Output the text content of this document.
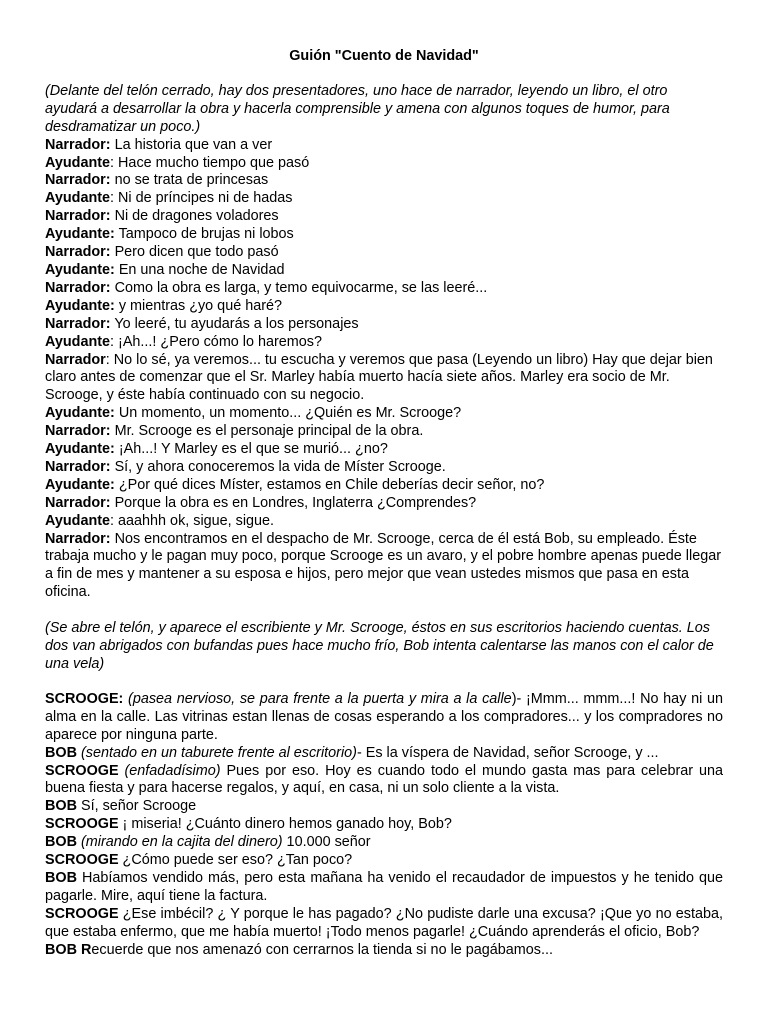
Guión "Cuento de Navidad"

(Delante del telón cerrado, hay dos presentadores, uno hace de narrador, leyendo un libro, el otro ayudará a desarrollar la obra y hacerla comprensible y amena con algunos toques de humor, para desdramatizar un poco.)

Narrador: La historia que van a ver

Ayudante: Hace mucho tiempo que pasó

Narrador: no se trata de princesas

Ayudante: Ni de príncipes ni de hadas

Narrador: Ni de dragones voladores

Ayudante: Tampoco de brujas ni lobos

Narrador: Pero dicen que todo pasó

Ayudante: En una noche de Navidad

Narrador: Como la obra es larga, y temo equivocarme, se las leeré...

Ayudante: y mientras ¿yo qué haré?

Narrador: Yo leeré, tu ayudarás a los personajes

Ayudante: ¡Ah...! ¿Pero cómo lo haremos?

Narrador: No lo sé, ya veremos... tu escucha y veremos que pasa (Leyendo un libro) Hay que dejar bien claro antes de comenzar que el Sr. Marley había muerto hacía siete años. Marley era socio de Mr. Scrooge, y éste había continuado con su negocio.

Ayudante: Un momento, un momento... ¿Quién es Mr. Scrooge?

Narrador: Mr. Scrooge es el personaje principal de la obra.

Ayudante: ¡Ah...! Y Marley es el que se murió... ¿no?

Narrador: Sí, y ahora conoceremos la vida de Míster Scrooge.

Ayudante: ¿Por qué dices Míster, estamos en Chile deberías decir señor, no?

Narrador: Porque la obra es en Londres, Inglaterra ¿Comprendes?

Ayudante: aaahhh ok, sigue, sigue.

Narrador: Nos encontramos en el despacho de Mr. Scrooge, cerca de él está Bob, su empleado. Éste trabaja mucho y le pagan muy poco, porque Scrooge es un avaro, y el pobre hombre apenas puede llegar a fin de mes y mantener a su esposa e hijos, pero mejor que vean ustedes mismos que pasa en esta oficina.

(Se abre el telón, y aparece el escribiente y Mr. Scrooge, éstos en sus escritorios haciendo cuentas. Los dos van abrigados con bufandas pues hace mucho frío, Bob intenta calentarse las manos con el calor de una vela)

SCROOGE: (pasea nervioso, se para frente a la puerta y mira a la calle)- ¡Mmm... mmm...! No hay ni un alma en la calle. Las vitrinas estan llenas de cosas esperando a los compradores... y los compradores no aparece por ninguna parte.

BOB (sentado en un taburete frente al escritorio)- Es la víspera de Navidad, señor Scrooge, y ...

SCROOGE (enfadadísimo) Pues por eso. Hoy es cuando todo el mundo gasta mas para celebrar una buena fiesta y para hacerse regalos, y aquí, en casa, ni un solo cliente a la vista.

BOB Sí, señor Scrooge

SCROOGE ¡ miseria! ¿Cuánto dinero hemos ganado hoy, Bob?

BOB (mirando en la cajita del dinero) 10.000 señor

SCROOGE ¿Cómo puede ser eso? ¿Tan poco?

BOB Habíamos vendido más, pero esta mañana ha venido el recaudador de impuestos y he tenido que pagarle. Mire, aquí tiene la factura.

SCROOGE ¿Ese imbécil? ¿ Y porque le has pagado? ¿No pudiste darle una excusa? ¡Que yo no estaba, que estaba enfermo, que me había muerto! ¡Todo menos pagarle! ¿Cuándo aprenderás el oficio, Bob?

BOB Recuerde que nos amenazó con cerrarnos la tienda si no le pagábamos...
